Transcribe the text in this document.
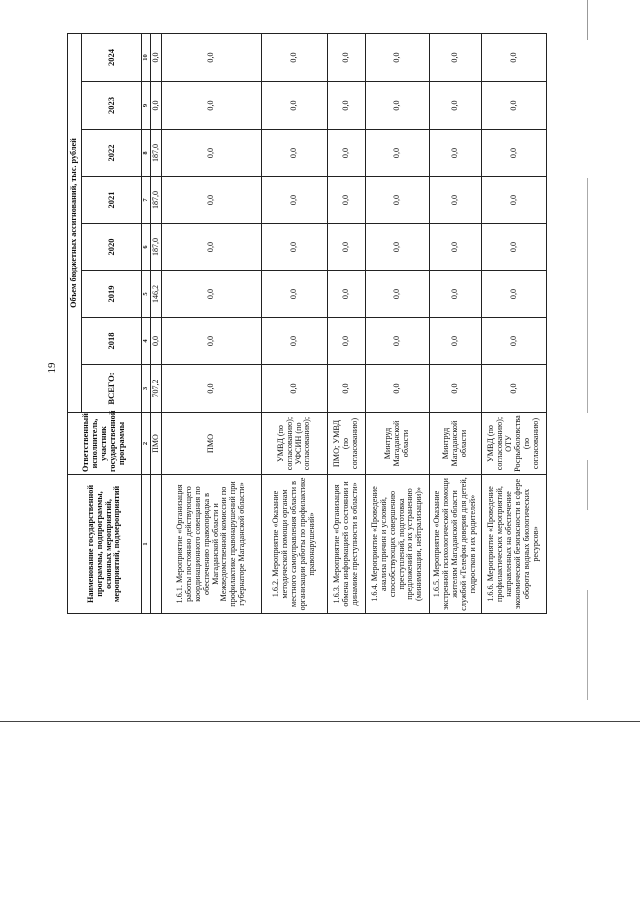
19
Наименование государственной программы, подпрограммы, основных мероприятий, мероприятий, подмероприятий	Ответственный исполнитель, участник государственной программы	Объем бюджетных ассигнований, тыс. рублей							
		ВСЕГО:	2018	2019	2020	2021	2022	2023	2024
1	2	3	4	5	6	7	8	9	10
	ПМО	707,2	0,0	146,2	187,0	187,0	187,0	0,0	0,0
1.6.1. Мероприятие «Организация работы постоянно действующего координационного совещания по обеспечению правопорядка в Магаданской области и Межведомственной комиссии по профилактике правонарушений при губернаторе Магаданской области»	ПМО	0,0	0,0	0,0	0,0	0,0	0,0	0,0	0,0
1.6.2. Мероприятие «Оказание методической помощи органам местного самоуправления области в организации работы по профилактике правонарушений»	УМВД (по согласованию); УФСИН (по согласованию);	0,0	0,0	0,0	0,0	0,0	0,0	0,0	0,0
1.6.3. Мероприятие «Организация обмена информацией о состоянии и динамике преступности в области»	ПМО; УМВД (по согласованию)	0,0	0,0	0,0	0,0	0,0	0,0	0,0	0,0
1.6.4. Мероприятие «Проведение анализа причин и условий, способствующих совершению преступлений, подготовка предложений по их устранению (минимизации, нейтрализации)»	Минтруд Магаданской области	0,0	0,0	0,0	0,0	0,0	0,0	0,0	0,0
1.6.5. Мероприятие «Оказание экстренной психологической помощи жителям Магаданской области службой «Телефон доверия для детей, подростков и их родителей»	Минтруд Магаданской области	0,0	0,0	0,0	0,0	0,0	0,0	0,0	0,0
1.6.6. Мероприятие «Проведение профилактических мероприятий, направленных на обеспечение экономической безопасности в сфере оборота водных биологических ресурсов»	УМВД (по согласованию); ОТУ Росрыболовства (по согласованию)	0,0	0,0	0,0	0,0	0,0	0,0	0,0	0,0
